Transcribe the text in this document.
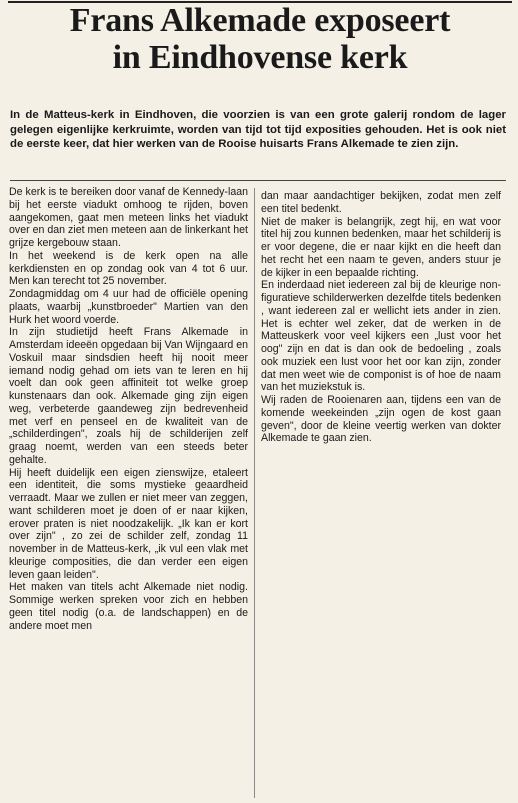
Frans Alkemade exposeert
in Eindhovense kerk
In de Matteus-kerk in Eindhoven, die voorzien is van een grote galerij rondom de lager gelegen eigenlijke kerkruimte, worden van tijd tot tijd exposities gehouden. Het is ook niet de eerste keer, dat hier werken van de Rooise huisarts Frans Alkemade te zien zijn.

De kerk is te bereiken door vanaf de Kennedy-laan bij het eerste viadukt omhoog te rijden, boven aangekomen, gaat men meteen links het viadukt over en dan ziet men meteen aan de linkerkant het grijze kergebouw staan.

In het weekend is de kerk open na alle kerkdiensten en op zondag ook van 4 tot 6 uur. Men kan terecht tot 25 november.

Zondagmiddag om 4 uur had de officiële opening plaats, waarbij „kunstbroeder" Martien van den Hurk het woord voerde.

In zijn studietijd heeft Frans Alkemade in Amsterdam ideeën opgedaan bij Van Wijngaard en Voskuil maar sindsdien heeft hij nooit meer iemand nodig gehad om iets van te leren en hij voelt dan ook geen affiniteit tot welke groep kunstenaars dan ook. Alkemade ging zijn eigen weg, verbeterde gaandeweg zijn bedrevenheid met verf en penseel en de kwaliteit van de „schilderdingen", zoals hij de schilderijen zelf graag noemt, werden van een steeds beter gehalte.

Hij heeft duidelijk een eigen zienswijze, etaleert een identiteit, die soms mystieke geaardheid verraadt. Maar we zullen er niet meer van zeggen, want schilderen moet je doen of er naar kijken, erover praten is niet noodzakelijk. „Ik kan er kort over zijn" , zo zei de schilder zelf, zondag 11 november in de Matteus-kerk, „ik vul een vlak met kleurige composities, die dan verder een eigen leven gaan leiden".

Het maken van titels acht Alkemade niet nodig. Sommige werken spreken voor zich en hebben geen titel nodig (o.a. de landschappen) en de andere moet men

dan maar aandachtiger bekijken, zodat men zelf een titel bedenkt.

Niet de maker is belangrijk, zegt hij, en wat voor titel hij zou kunnen bedenken, maar het schilderij is er voor degene, die er naar kijkt en die heeft dan het recht het een naam te geven, anders stuur je de kijker in een bepaalde richting.

En inderdaad niet iedereen zal bij de kleurige non-figuratieve schilderwerken dezelfde titels bedenken , want iedereen zal er wellicht iets ander in zien. Het is echter wel zeker, dat de werken in de Matteuskerk voor veel kijkers een „lust voor het oog" zijn en dat is dan ook de bedoeling , zoals ook muziek een lust voor het oor kan zijn, zonder dat men weet wie de componist is of hoe de naam van het muziekstuk is.

Wij raden de Rooienaren aan, tijdens een van de komende weekeinden „zijn ogen de kost gaan geven", door de kleine veertig werken van dokter Alkemade te gaan zien.
